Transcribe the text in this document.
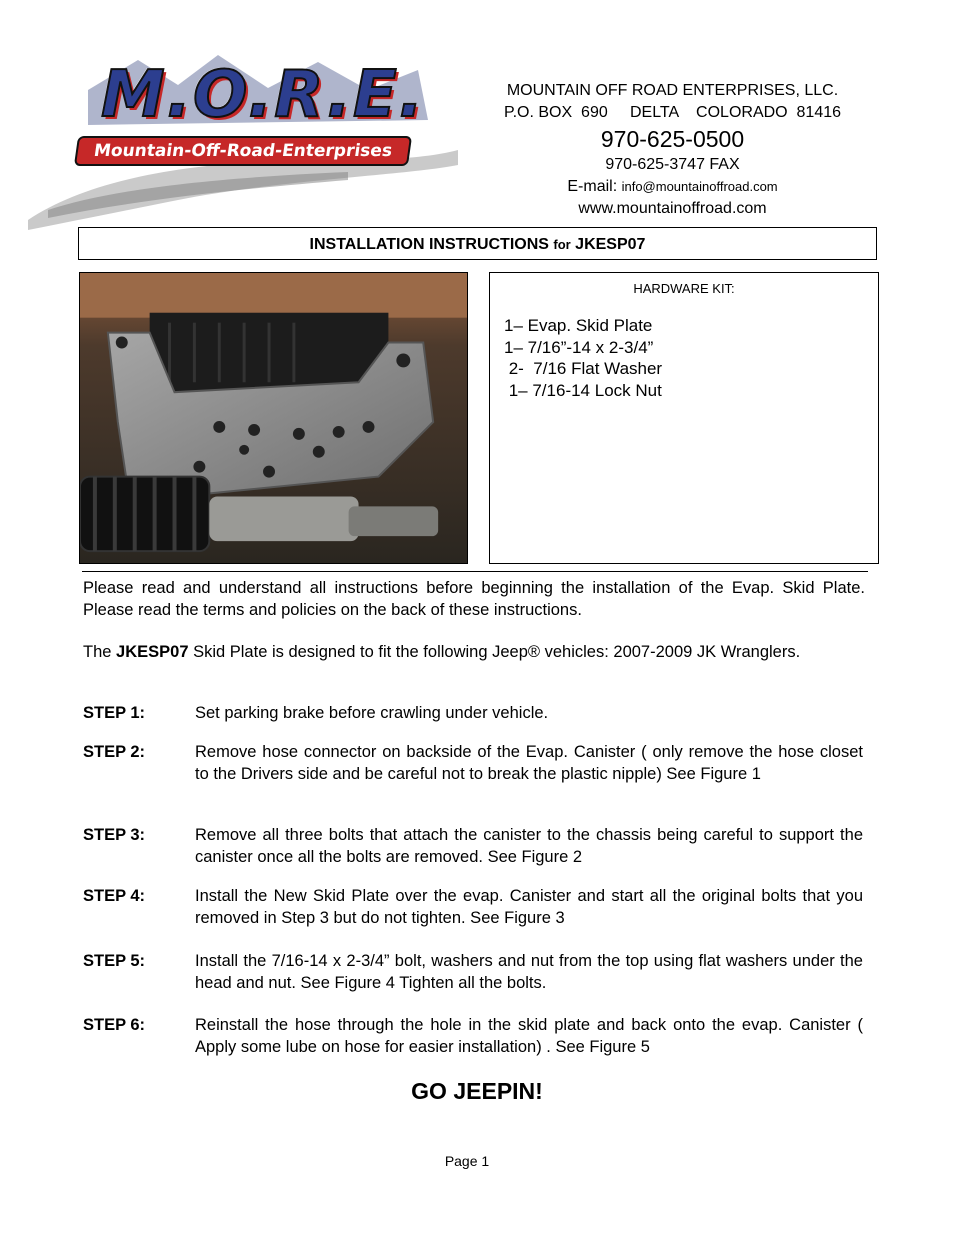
M.O.R.E.
Mountain-Off-Road-Enterprises
MOUNTAIN OFF ROAD ENTERPRISES, LLC.
P.O. BOX  690     DELTA    COLORADO  81416
970-625-0500
970-625-3747 FAX
E-mail: info@mountainoffroad.com
www.mountainoffroad.com
INSTALLATION INSTRUCTIONS for JKESP07
HARDWARE KIT:
1– Evap. Skid Plate
1– 7/16”-14 x 2-3/4”
2-  7/16 Flat Washer
1– 7/16-14 Lock Nut
Please read and understand all instructions before beginning the installation of the Evap. Skid Plate. Please read the terms and policies on the back of these instructions.
The JKESP07 Skid Plate is designed to fit the following Jeep® vehicles: 2007-2009 JK Wranglers.
STEP 1:	Set parking brake before crawling under vehicle.
STEP 2:	Remove hose connector on backside of the Evap. Canister ( only remove the hose closet to the Drivers side and be careful not to break the plastic nipple) See Figure 1
STEP 3:	Remove all three bolts that attach the canister to the chassis being careful to support the canister once all the bolts are removed. See Figure 2
STEP 4:	Install the New Skid Plate over the evap. Canister and start all the original bolts that you removed in Step 3 but do not tighten. See Figure 3
STEP 5:	Install the 7/16-14 x 2-3/4” bolt, washers and nut from the top using flat washers under the head and nut. See Figure 4 Tighten all the bolts.
STEP 6:	Reinstall the hose through the hole in the skid plate and back onto the evap. Canister ( Apply some lube on hose for easier installation) . See Figure 5
GO JEEPIN!
Page 1
